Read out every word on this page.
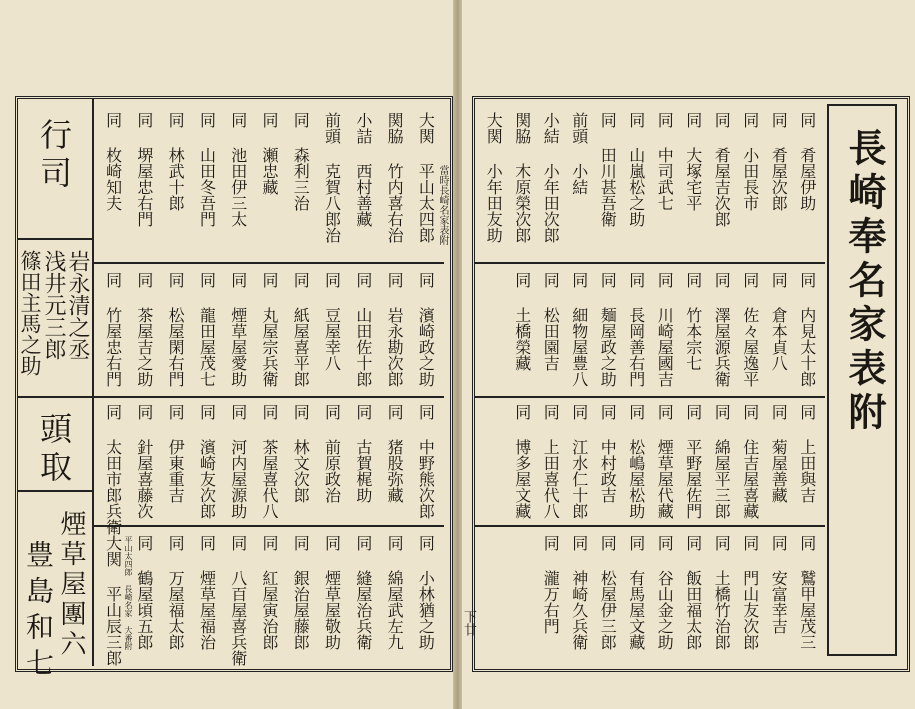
長崎奉名家表附
同 肴屋伊助
同 内見太十郎
同 上田與吉
同 鷲甲屋茂三
同 肴屋次郎
同 倉本貞八
同 菊屋善藏
同 安富幸吉
同 小田長市
同 佐々屋逸平
同 住吉屋喜藏
同 門山友次郎
同 肴屋吉次郎
同 澤屋源兵衛
同 綿屋平三郎
同 土橋竹治郎
同 大塚宅平
同 竹本宗七
同 平野屋佐門
同 飯田福太郎
同 中司武七
同 川崎屋國吉
同 煙草屋代藏
同 谷山金之助
同 山嵐松之助
同 長岡善右門
同 松嶋屋松助
同 有馬屋文藏
同 田川甚吾衛
同 麺屋政之助
同 中村政吉
同 松屋伊三郎
前頭 小結
同 細物屋豊八
同 江水仁十郎
同 神崎久兵衛
小結 小年田次郎
同 松田園吉
同 上田喜代八
同 瀧万右門
関脇 木原榮次郎
同 土橋榮藏
同 博多屋文藏
大関 小年田友助
下廿
行司
岩永清之丞
浅井元三郎
篠田主馬之助
頭取
煙草屋團六
豊島和七
大関 平山太四郎
同 濱崎政之助
同 中野熊次郎
同 小林猶之助
関脇 竹内喜右治
同 岩永勘次郎
同 猪股弥藏
同 綿屋武左九
小詰 西村善藏
同 山田佐十郎
同 古賀梶助
同 縫屋治兵衛
前頭 克賀八郎治
同 豆屋幸八
同 前原政治
同 煙草屋敬助
同 森利三治
同 紙屋喜平郎
同 林文次郎
同 銀治屋藤郎
同 瀬忠藏
同 丸屋宗兵衛
同 茶屋喜代八
同 紅屋寅治郎
同 池田伊三太
同 煙草屋愛助
同 河内屋源助
同 八百屋喜兵衛
同 山田冬吾門
同 龍田屋茂七
同 濱崎友次郎
同 煙草屋福治
同 林武十郎
同 松屋閑右門
同 伊東重吉
同 万屋福太郎
同 堺屋忠右門
同 茶屋吉之助
同 針屋喜藤次
同 鶴屋頃五郎
同 枚崎知夫
同 竹屋忠右門
同 太田市郎兵衛
大関 平山辰三郎
當時長崎名家表附
平山太四郎 長崎名家 大番附
